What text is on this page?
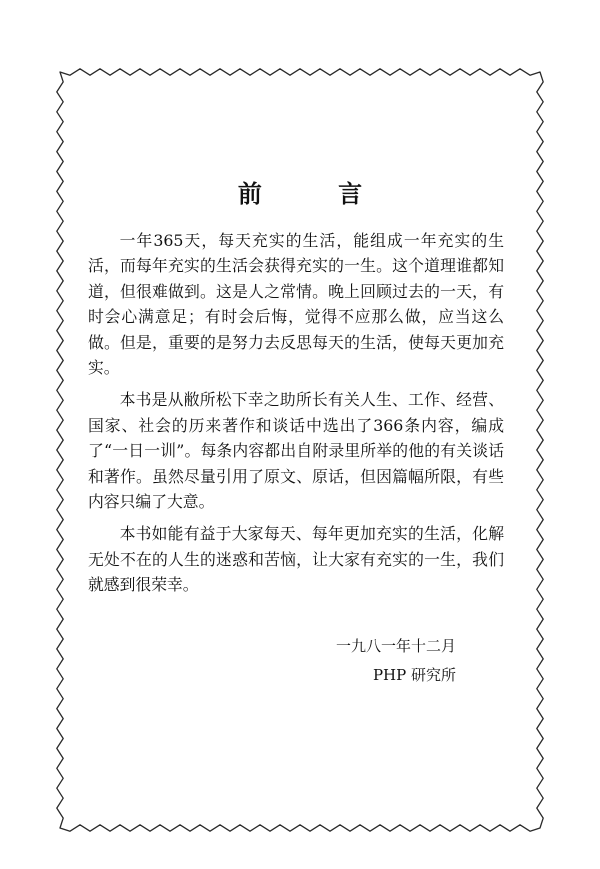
前 言

一年365天，每天充实的生活，能组成一年充实的生活，而每年充实的生活会获得充实的一生。这个道理谁都知道，但很难做到。这是人之常情。晚上回顾过去的一天，有时会心满意足；有时会后悔，觉得不应那么做，应当这么做。但是，重要的是努力去反思每天的生活，使每天更加充实。

本书是从敝所松下幸之助所长有关人生、工作、经营、国家、社会的历来著作和谈话中选出了366条内容，编成了“一日一训”。每条内容都出自附录里所举的他的有关谈话和著作。虽然尽量引用了原文、原话，但因篇幅所限，有些内容只编了大意。

本书如能有益于大家每天、每年更加充实的生活，化解无处不在的人生的迷惑和苦恼，让大家有充实的一生，我们就感到很荣幸。

一九八一年十二月
PHP 研究所
